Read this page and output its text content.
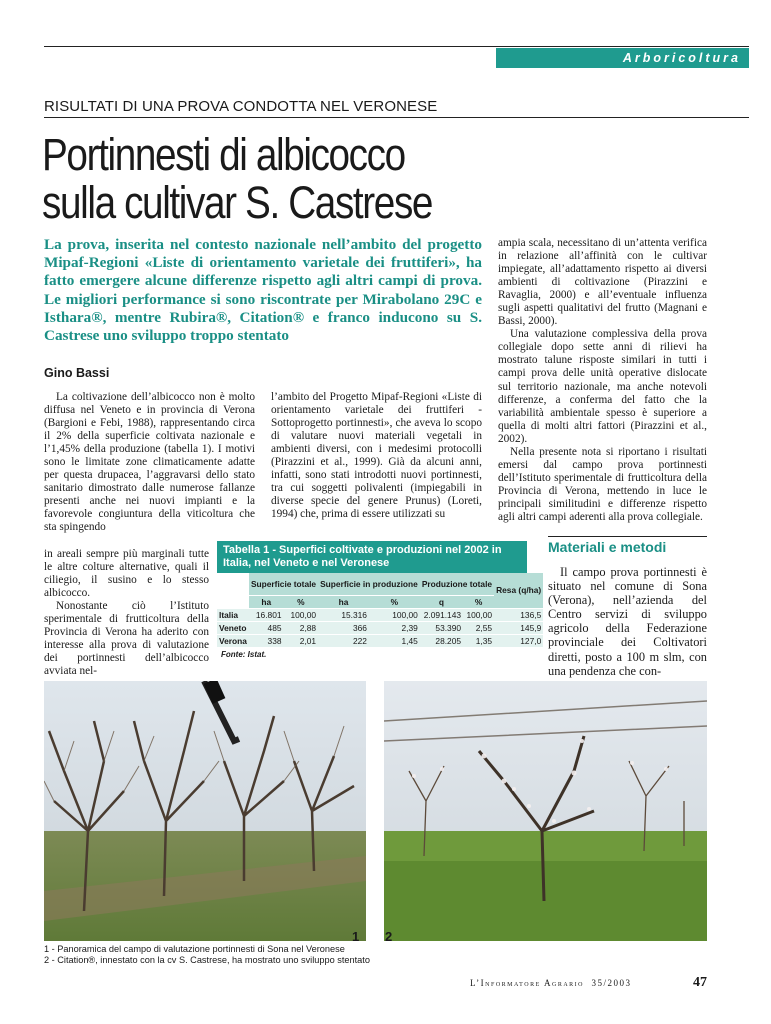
Arboricoltura
RISULTATI DI UNA PROVA CONDOTTA NEL VERONESE
Portinnesti di albicocco
sulla cultivar S. Castrese
La prova, inserita nel contesto nazionale nell’ambito del progetto Mipaf-Regioni «Liste di orientamento varietale dei fruttiferi», ha fatto emergere alcune differenze rispetto agli altri campi di prova. Le migliori performance si sono riscontrate per Mirabolano 29C e Isthara®, mentre Rubira®, Citation® e franco inducono su S. Castrese uno sviluppo troppo stentato
Gino Bassi

La coltivazione dell’albicocco non è molto diffusa nel Veneto e in provincia di Verona (Bargioni e Febi, 1988), rappresentando circa il 2% della superficie coltivata nazionale e l’1,45% della produzione (tabella 1). I motivi sono le limitate zone climaticamente adatte per questa drupacea, l’aggravarsi dello stato sanitario dimostrato dalle numerose fallanze presenti anche nei nuovi impianti e la favorevole congiuntura della viticoltura che sta spingendo

in areali sempre più marginali tutte le altre colture alternative, quali il ciliegio, il susino e lo stesso albicocco.

Nonostante ciò l’Istituto sperimentale di frutticoltura della Provincia di Verona ha aderito con interesse alla prova di valutazione dei portinnesti dell’albicocco avviata nel-

l’ambito del Progetto Mipaf-Regioni «Liste di orientamento varietale dei fruttiferi - Sottoprogetto portinnesti», che aveva lo scopo di valutare nuovi materiali vegetali in ambienti diversi, con i medesimi protocolli (Pirazzini et al., 1999). Già da alcuni anni, infatti, sono stati introdotti nuovi portinnesti, tra cui soggetti polivalenti (impiegabili in diverse specie del genere Prunus) (Loreti, 1994) che, prima di essere utilizzati su

Tabella 1 - Superfici coltivate e produzioni nel 2002 in Italia, nel Veneto e nel Veronese
	Superficie totale		Superficie in produzione		Produzione totale		Resa (q/ha)
	ha	%	ha	%	q	%	
Italia	16.801	100,00	15.316	100,00	2.091.143	100,00	136,5
Veneto	485	2,88	366	2,39	53.390	2,55	145,9
Verona	338	2,01	222	1,45	28.205	1,35	127,0
Fonte: Istat.

ampia scala, necessitano di un’attenta verifica in relazione all’affinità con le cultivar impiegate, all’adattamento rispetto ai diversi ambienti di coltivazione (Pirazzini e Ravaglia, 2000) e all’eventuale influenza sugli aspetti qualitativi del frutto (Magnani e Bassi, 2000).

Una valutazione complessiva della prova collegiale dopo sette anni di rilievi ha mostrato talune risposte similari in tutti i campi prova delle unità operative dislocate sul territorio nazionale, ma anche notevoli differenze, a conferma del fatto che la variabilità ambientale spesso è superiore a quella di molti altri fattori (Pirazzini et al., 2002).

Nella presente nota si riportano i risultati emersi dal campo prova portinnesti dell’Istituto sperimentale di frutticoltura della Provincia di Verona, mettendo in luce le principali similitudini e differenze rispetto agli altri campi aderenti alla prova collegiale.

Materiali e metodi

Il campo prova portinnesti è situato nel comune di Sona (Verona), nell’azienda del Centro servizi di sviluppo agricolo della Federazione provinciale dei Coltivatori diretti, posto a 100 m slm, con una pendenza che con-

1 2
1 - Panoramica del campo di valutazione portinnesti di Sona nel Veronese
2 - Citation®, innestato con la cv S. Castrese, ha mostrato uno sviluppo stentato
L’Informatore Agrario 35/2003	47
